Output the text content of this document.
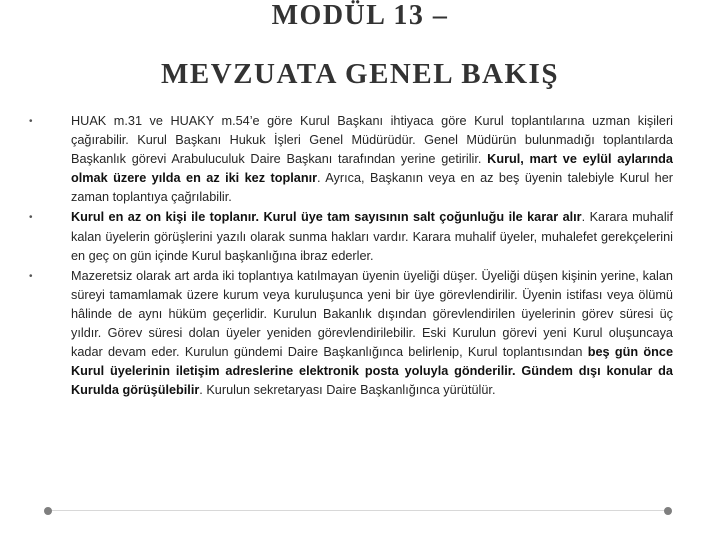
MODÜL 13 –
MEVZUATA GENEL BAKIŞ
•	HUAK m.31 ve HUAKY m.54’e göre Kurul Başkanı ihtiyaca göre Kurul toplantılarına uzman kişileri çağırabilir. Kurul Başkanı Hukuk İşleri Genel Müdürüdür. Genel Müdürün bulunmadığı toplantılarda Başkanlık görevi Arabuluculuk Daire Başkanı tarafından yerine getirilir. Kurul, mart ve eylül aylarında olmak üzere yılda en az iki kez toplanır. Ayrıca, Başkanın veya en az beş üyenin talebiyle Kurul her zaman toplantıya çağrılabilir.

•	Kurul en az on kişi ile toplanır. Kurul üye tam sayısının salt çoğunluğu ile karar alır. Karara muhalif kalan üyelerin görüşlerini yazılı olarak sunma hakları vardır. Karara muhalif üyeler, muhalefet gerekçelerini en geç on gün içinde Kurul başkanlığına ibraz ederler.

•	Mazeretsiz olarak art arda iki toplantıya katılmayan üyenin üyeliği düşer. Üyeliği düşen kişinin yerine, kalan süreyi tamamlamak üzere kurum veya kuruluşunca yeni bir üye görevlendirilir. Üyenin istifası veya ölümü hâlinde de aynı hüküm geçerlidir. Kurulun Bakanlık dışından görevlendirilen üyelerinin görev süresi üç yıldır. Görev süresi dolan üyeler yeniden görevlendirilebilir. Eski Kurulun görevi yeni Kurul oluşuncaya kadar devam eder. Kurulun gündemi Daire Başkanlığınca belirlenip, Kurul toplantısından beş gün önce Kurul üyelerinin iletişim adreslerine elektronik posta yoluyla gönderilir. Gündem dışı konular da Kurulda görüşülebilir. Kurulun sekretaryası Daire Başkanlığınca yürütülür.
